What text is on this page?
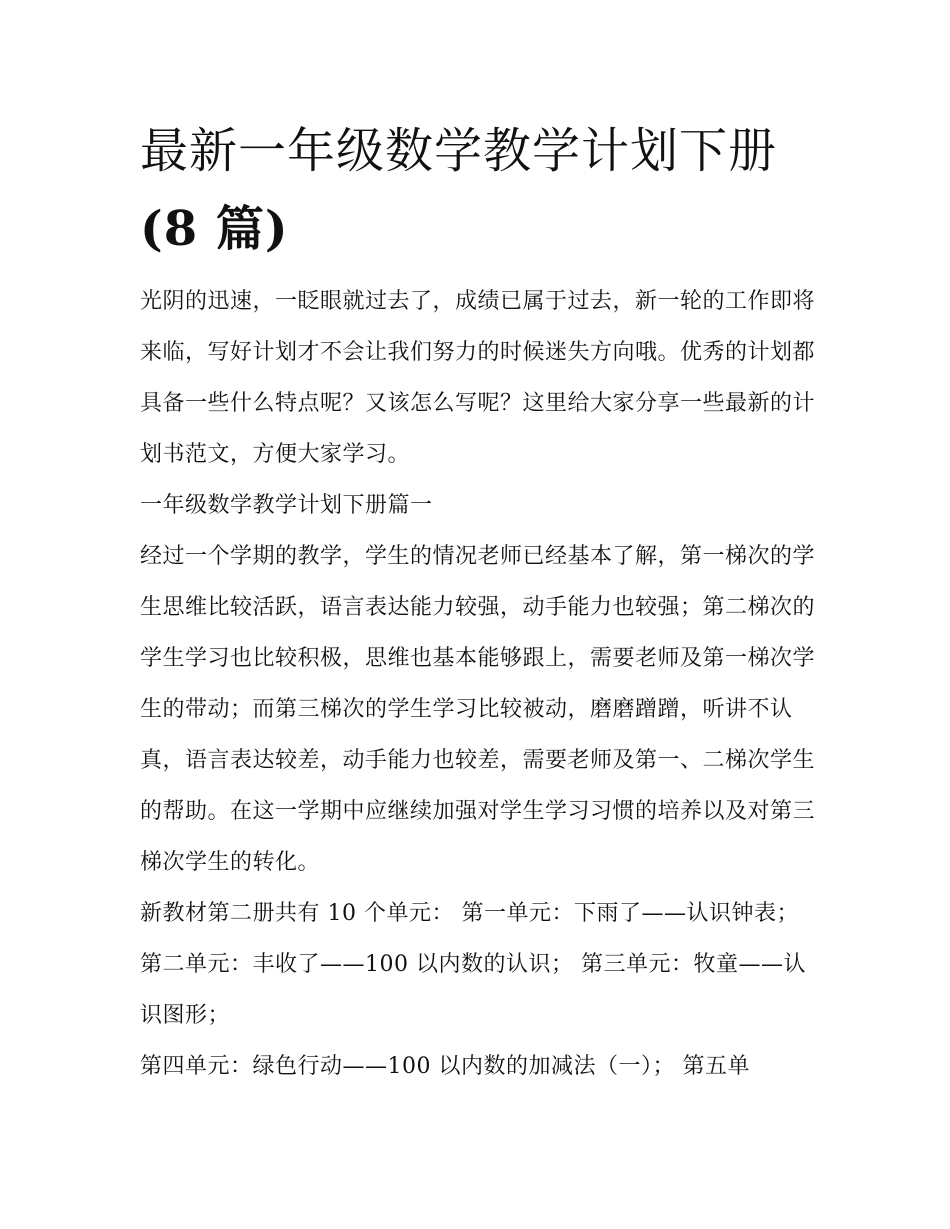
最新一年级数学教学计划下册
(8 篇)

光阴的迅速，一眨眼就过去了，成绩已属于过去，新一轮的工作即将来临，写好计划才不会让我们努力的时候迷失方向哦。优秀的计划都具备一些什么特点呢？又该怎么写呢？这里给大家分享一些最新的计划书范文，方便大家学习。

一年级数学教学计划下册篇一

经过一个学期的教学，学生的情况老师已经基本了解，第一梯次的学生思维比较活跃，语言表达能力较强，动手能力也较强；第二梯次的学生学习也比较积极，思维也基本能够跟上，需要老师及第一梯次学生的带动；而第三梯次的学生学习比较被动，磨磨蹭蹭，听讲不认真，语言表达较差，动手能力也较差，需要老师及第一、二梯次学生的帮助。在这一学期中应继续加强对学生学习习惯的培养以及对第三梯次学生的转化。

新教材第二册共有 10 个单元： 第一单元：下雨了——认识钟表； 第二单元：丰收了——100 以内数的认识； 第三单元：牧童——认识图形；

第四单元：绿色行动——100 以内数的加减法（一）； 第五单
